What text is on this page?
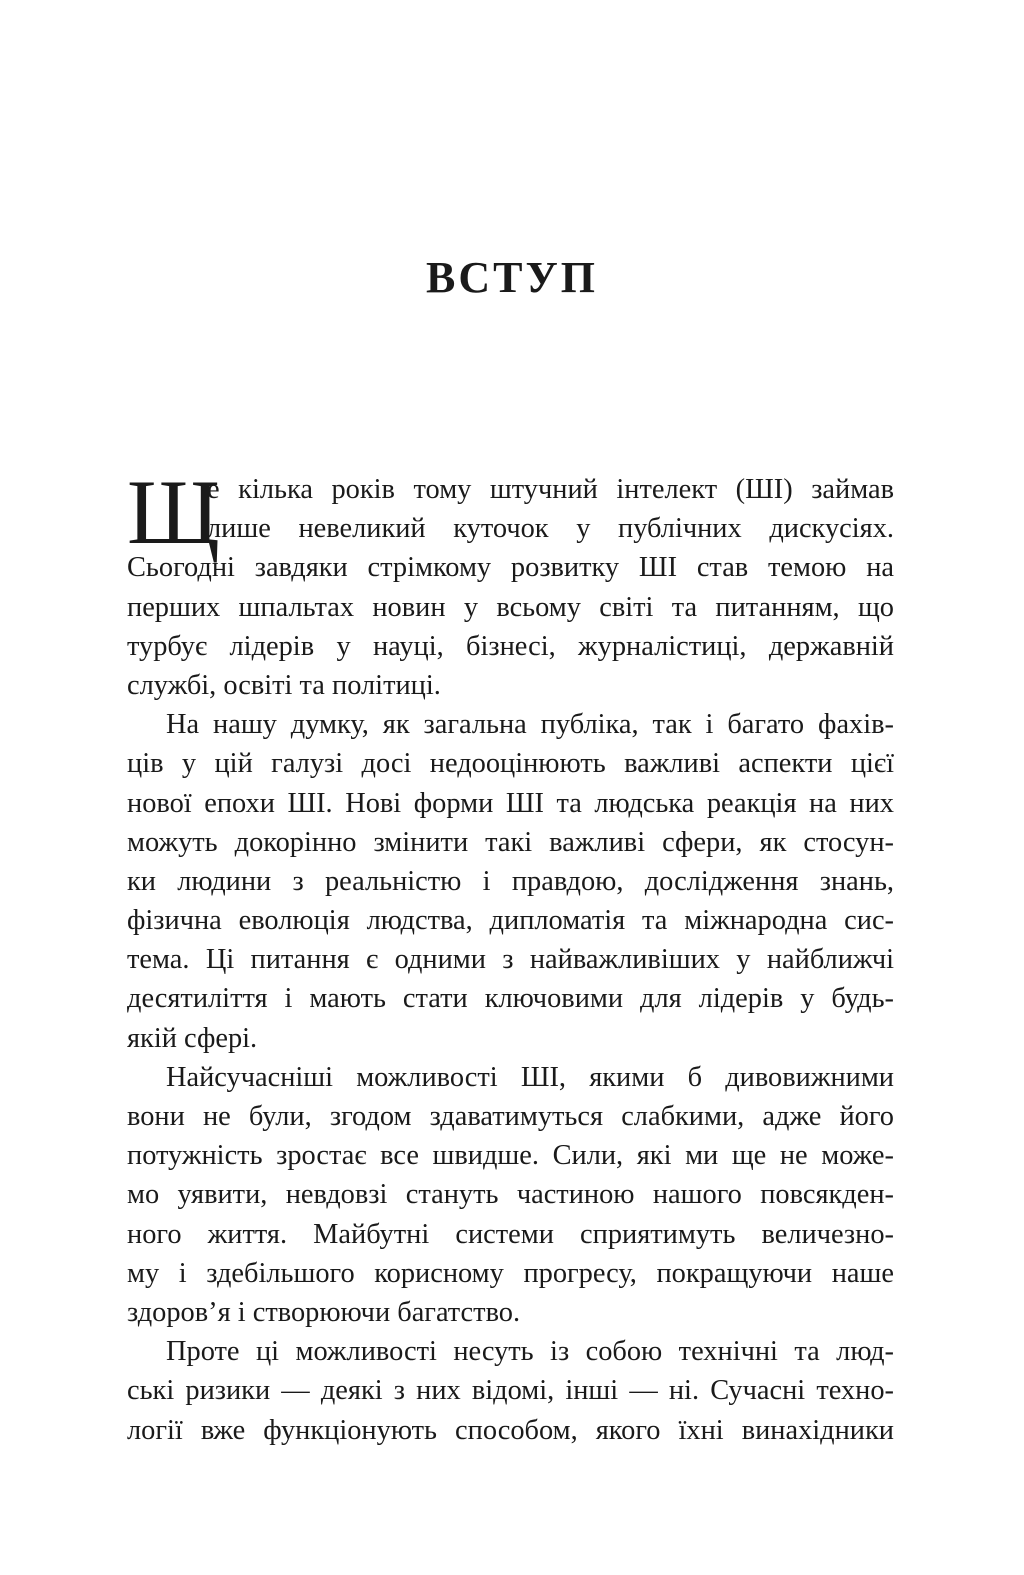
ВСТУП
Щ
е кілька років тому штучний інтелект (ШІ) займав
лише невеликий куточок у публічних дискусіях.
Сьогодні завдяки стрімкому розвитку ШІ став темою на
перших шпальтах новин у всьому світі та питанням, що
турбує лідерів у науці, бізнесі, журналістиці, державній
службі, освіті та політиці.
На нашу думку, як загальна публіка, так і багато фахів-
ців у цій галузі досі недооцінюють важливі аспекти цієї
нової епохи ШІ. Нові форми ШІ та людська реакція на них
можуть докорінно змінити такі важливі сфери, як стосун-
ки людини з реальністю і правдою, дослідження знань,
фізична еволюція людства, дипломатія та міжнародна сис-
тема. Ці питання є одними з найважливіших у найближчі
десятиліття і мають стати ключовими для лідерів у будь-
якій сфері.
Найсучасніші можливості ШІ, якими б дивовижними
вони не були, згодом здаватимуться слабкими, адже його
потужність зростає все швидше. Сили, які ми ще не може-
мо уявити, невдовзі стануть частиною нашого повсякден-
ного життя. Майбутні системи сприятимуть величезно-
му і здебільшого корисному прогресу, покращуючи наше
здоров’я і створюючи багатство.
Проте ці можливості несуть із собою технічні та люд-
ські ризики — деякі з них відомі, інші — ні. Сучасні техно-
логії вже функціонують способом, якого їхні винахідники
